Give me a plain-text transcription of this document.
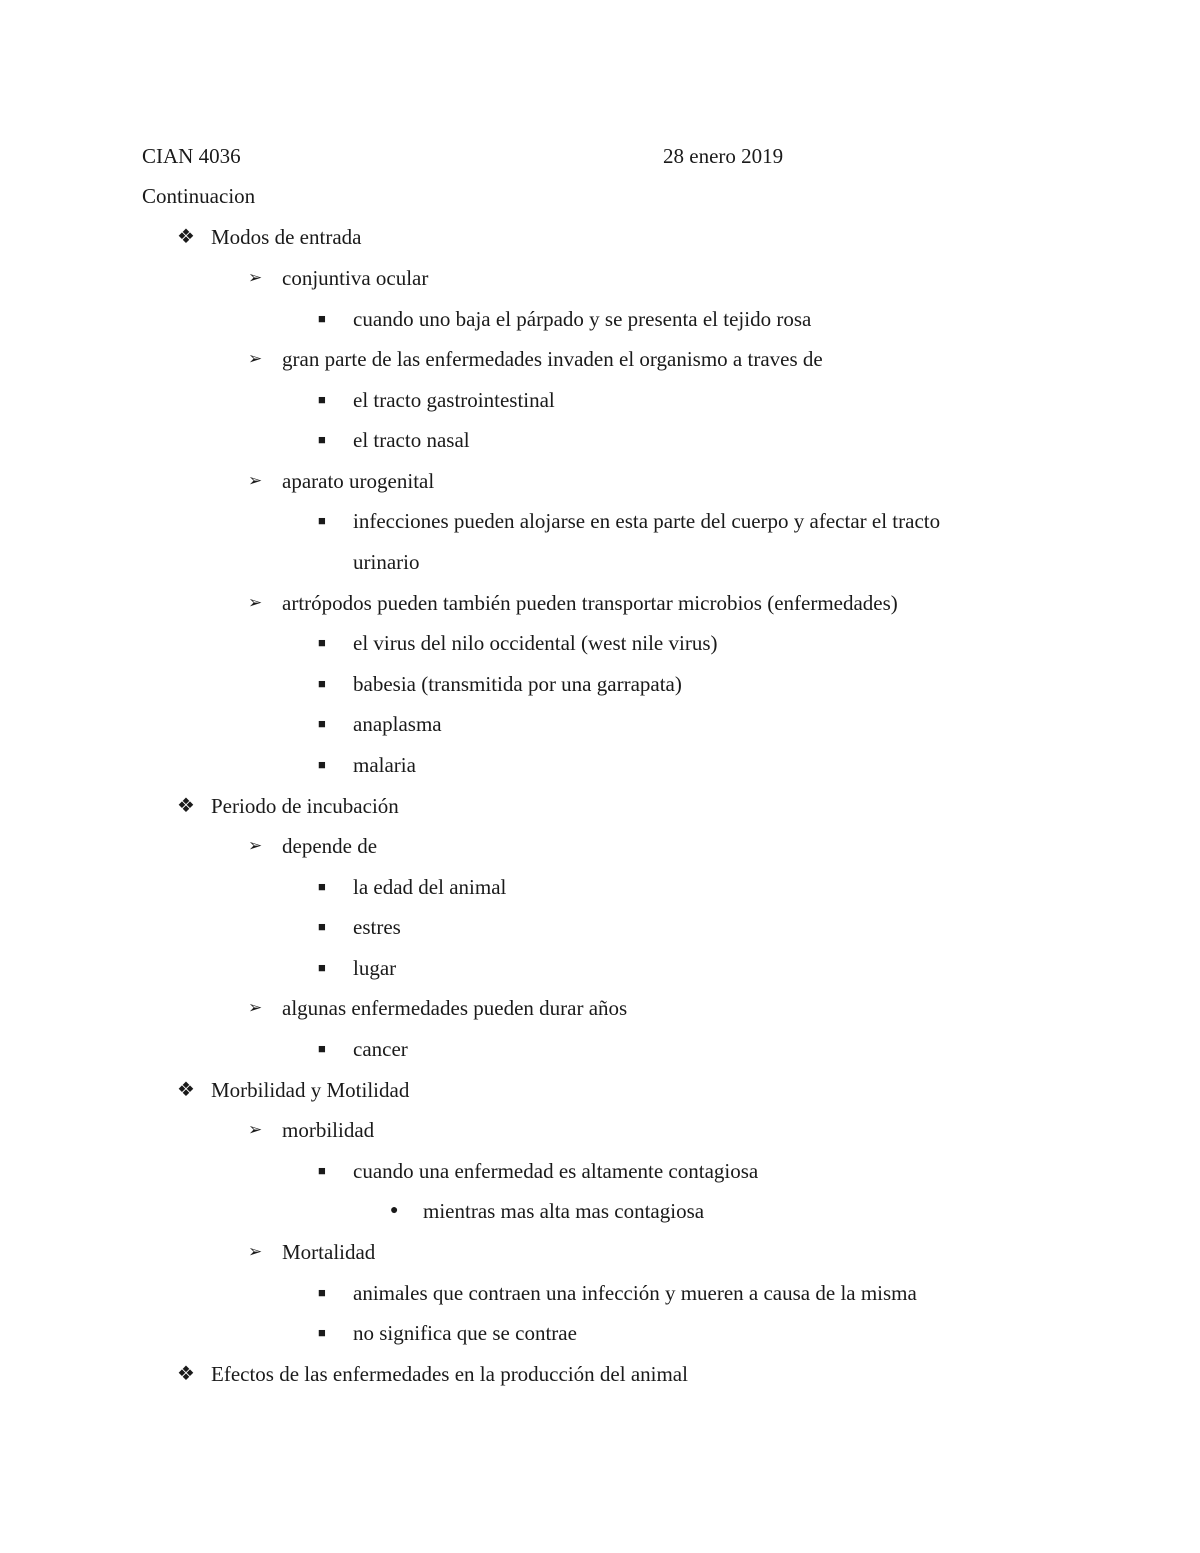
CIAN 4036	28 enero 2019
Continuacion
❖ Modos de entrada
➢ conjuntiva ocular
■ cuando uno baja el párpado y se presenta el tejido rosa
➢ gran parte de las enfermedades invaden el organismo a traves de
■ el tracto gastrointestinal
■ el tracto nasal
➢ aparato urogenital
■ infecciones pueden alojarse en esta parte del cuerpo y afectar el tracto
urinario
➢ artrópodos pueden también pueden transportar microbios (enfermedades)
■ el virus del nilo occidental (west nile virus)
■ babesia (transmitida por una garrapata)
■ anaplasma
■ malaria
❖ Periodo de incubación
➢ depende de
■ la edad del animal
■ estres
■ lugar
➢ algunas enfermedades pueden durar años
■ cancer
❖ Morbilidad y Motilidad
➢ morbilidad
■ cuando una enfermedad es altamente contagiosa
● mientras mas alta mas contagiosa
➢ Mortalidad
■ animales que contraen una infección y mueren a causa de la misma
■ no significa que se contrae
❖ Efectos de las enfermedades en la producción del animal
